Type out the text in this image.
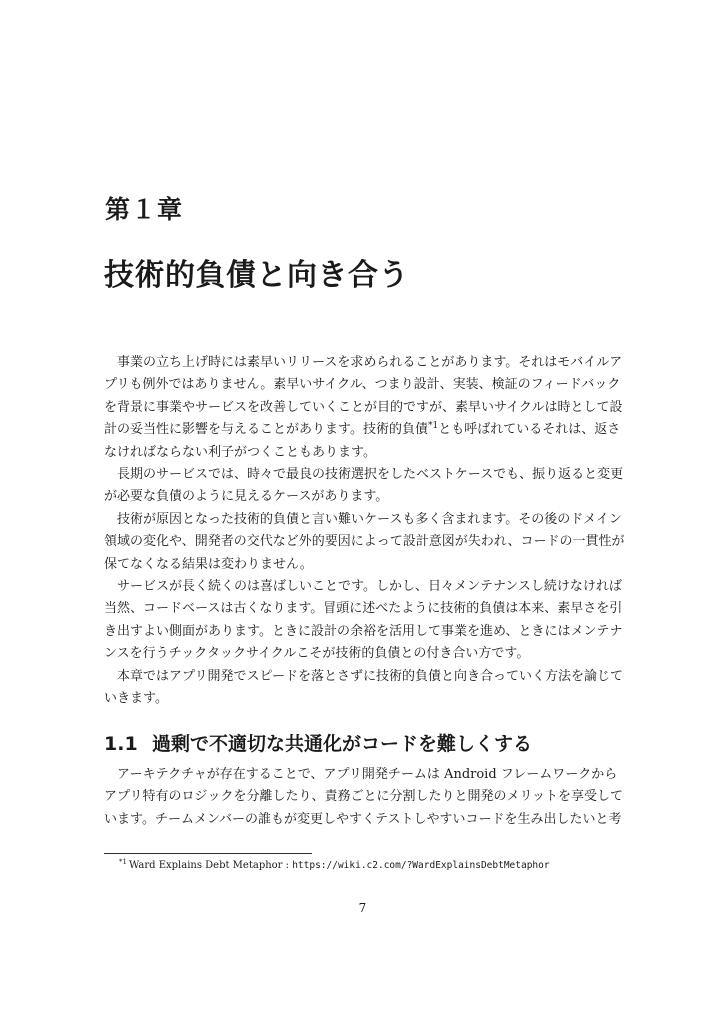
第１章
技術的負債と向き合う

事業の立ち上げ時には素早いリリースを求められることがあります。それはモバイルアプリも例外ではありません。素早いサイクル、つまり設計、実装、検証のフィードバックを背景に事業やサービスを改善していくことが目的ですが、素早いサイクルは時として設計の妥当性に影響を与えることがあります。技術的負債$^{*1}$とも呼ばれているそれは、返さなければならない利子がつくこともあります。

長期のサービスでは、時々で最良の技術選択をしたベストケースでも、振り返ると変更が必要な負債のように見えるケースがあります。

技術が原因となった技術的負債と言い難いケースも多く含まれます。その後のドメイン領域の変化や、開発者の交代など外的要因によって設計意図が失われ、コードの一貫性が保てなくなる結果は変わりません。

サービスが長く続くのは喜ばしいことです。しかし、日々メンテナンスし続けなければ当然、コードベースは古くなります。冒頭に述べたように技術的負債は本来、素早さを引き出すよい側面があります。ときに設計の余裕を活用して事業を進め、ときにはメンテナンスを行うチックタックサイクルこそが技術的負債との付き合い方です。

本章ではアプリ開発でスピードを落とさずに技術的負債と向き合っていく方法を論じていきます。

1.1 過剰で不適切な共通化がコードを難しくする

アーキテクチャが存在することで、アプリ開発チームは Android フレームワークからアプリ特有のロジックを分離したり、責務ごとに分割したりと開発のメリットを享受しています。チームメンバーの誰もが変更しやすくテストしやすいコードを生み出したいと考

$^{*1}$ Ward Explains Debt Metaphor : https://wiki.c2.com/?WardExplainsDebtMetaphor
7
